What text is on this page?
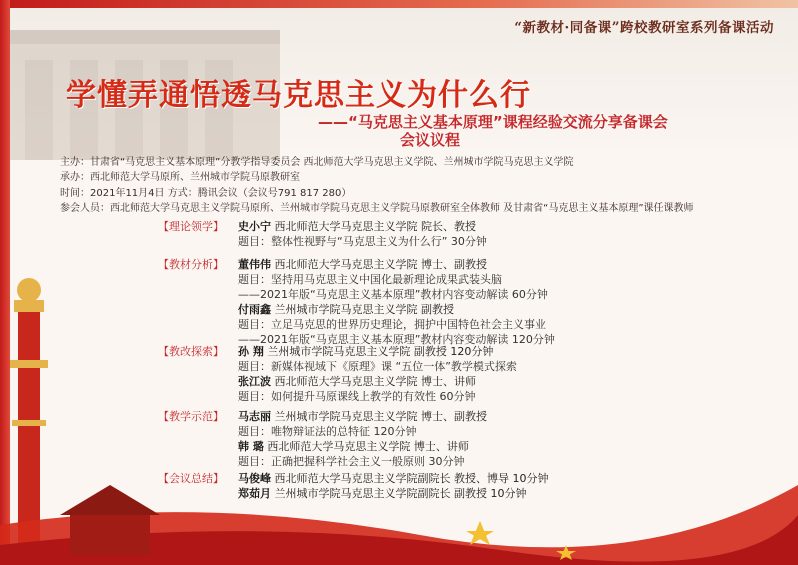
“新教材·同备课”跨校教研室系列备课活动
学懂弄通悟透马克思主义为什么行
——“马克思主义基本原理”课程经验交流分享备课会
会议议程
主办：甘肃省“马克思主义基本原理”分教学指导委员会 西北师范大学马克思主义学院、兰州城市学院马克思主义学院
承办：西北师范大学马原所、兰州城市学院马原教研室
时间：2021年11月4日 方式：腾讯会议（会议号791 817 280）
参会人员：西北师范大学马克思主义学院马原所、兰州城市学院马克思主义学院马原教研室全体教师 及甘肃省“马克思主义基本原理”课任课教师
【理论领学】 史小宁 西北师范大学马克思主义学院 院长、教授
题目：整体性视野与“马克思主义为什么行” 30分钟
【教材分析】 董伟伟 西北师范大学马克思主义学院 博士、副教授
题目：坚持用马克思主义中国化最新理论成果武装头脑
——2021年版“马克思主义基本原理”教材内容变动解读 60分钟
付雨鑫 兰州城市学院马克思主义学院 副教授
题目：立足马克思的世界历史理论，拥护中国特色社会主义事业
——2021年版“马克思主义基本原理”教材内容变动解读 120分钟
【教改探索】 孙 翔 兰州城市学院马克思主义学院 副教授 120分钟
题目：新媒体视域下《原理》课 “五位一体”教学模式探索
张江波 西北师范大学马克思主义学院 博士、讲师
题目：如何提升马原课线上教学的有效性 60分钟
【教学示范】 马志丽 兰州城市学院马克思主义学院 博士、副教授
题目：唯物辩证法的总特征 120分钟
韩 璐 西北师范大学马克思主义学院 博士、讲师
题目：正确把握科学社会主义一般原则 30分钟
【会议总结】 马俊峰 西北师范大学马克思主义学院副院长 教授、博导 10分钟
郑茹月 兰州城市学院马克思主义学院副院长 副教授 10分钟
